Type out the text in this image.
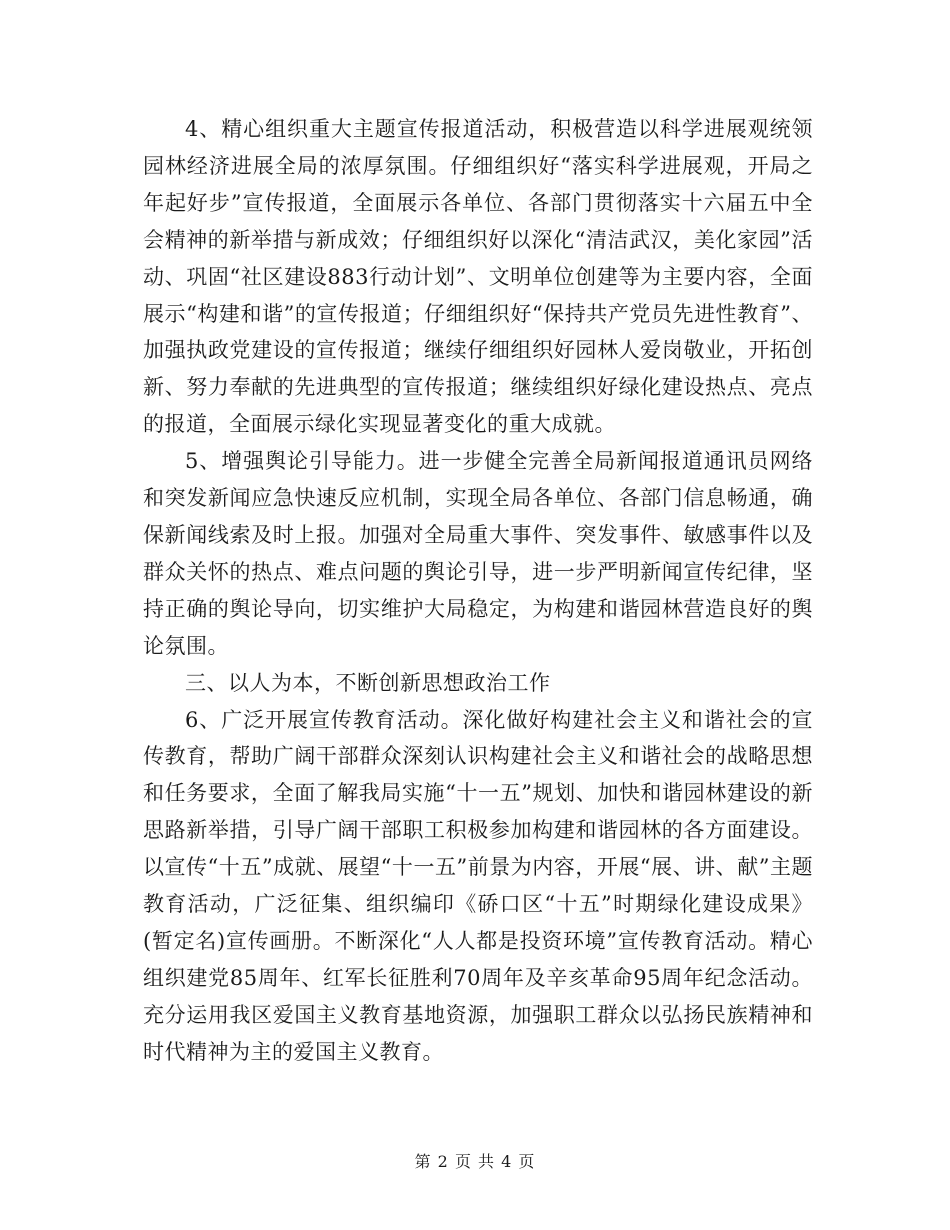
4、精心组织重大主题宣传报道活动，积极营造以科学进展观统领园林经济进展全局的浓厚氛围。仔细组织好“落实科学进展观，开局之年起好步”宣传报道，全面展示各单位、各部门贯彻落实十六届五中全会精神的新举措与新成效；仔细组织好以深化“清洁武汉，美化家园”活动、巩固“社区建设883行动计划”、文明单位创建等为主要内容，全面展示“构建和谐”的宣传报道；仔细组织好“保持共产党员先进性教育”、加强执政党建设的宣传报道；继续仔细组织好园林人爱岗敬业，开拓创新、努力奉献的先进典型的宣传报道；继续组织好绿化建设热点、亮点的报道，全面展示绿化实现显著变化的重大成就。

5、增强舆论引导能力。进一步健全完善全局新闻报道通讯员网络和突发新闻应急快速反应机制，实现全局各单位、各部门信息畅通，确保新闻线索及时上报。加强对全局重大事件、突发事件、敏感事件以及群众关怀的热点、难点问题的舆论引导，进一步严明新闻宣传纪律，坚持正确的舆论导向，切实维护大局稳定，为构建和谐园林营造良好的舆论氛围。

三、以人为本，不断创新思想政治工作

6、广泛开展宣传教育活动。深化做好构建社会主义和谐社会的宣传教育，帮助广阔干部群众深刻认识构建社会主义和谐社会的战略思想和任务要求，全面了解我局实施“十一五”规划、加快和谐园林建设的新思路新举措，引导广阔干部职工积极参加构建和谐园林的各方面建设。以宣传“十五”成就、展望“十一五”前景为内容，开展“展、讲、献”主题教育活动，广泛征集、组织编印《硚口区“十五”时期绿化建设成果》(暂定名)宣传画册。不断深化“人人都是投资环境”宣传教育活动。精心组织建党85周年、红军长征胜利70周年及辛亥革命95周年纪念活动。充分运用我区爱国主义教育基地资源，加强职工群众以弘扬民族精神和时代精神为主的爱国主义教育。

第 2 页 共 4 页
